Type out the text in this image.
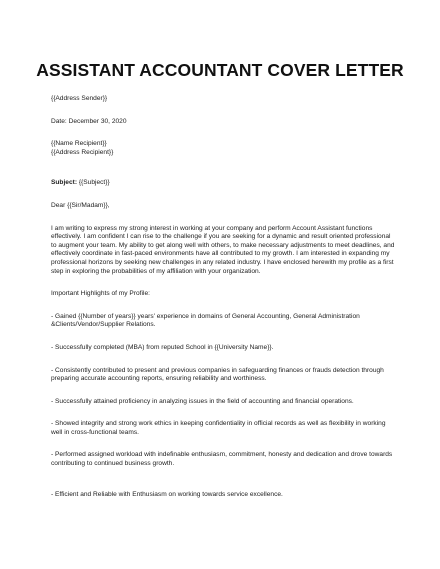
ASSISTANT ACCOUNTANT COVER LETTER
{{Address Sender}}
Date: December 30, 2020
{{Name Recipient}}
{{Address Recipient}}
Subject: {{Subject}}
Dear {{Sir/Madam}},

I am writing to express my strong interest in working at your company and perform Account Assistant functions effectively. I am confident I can rise to the challenge if you are seeking for a dynamic and result oriented professional to augment your team. My ability to get along well with others, to make necessary adjustments to meet deadlines, and effectively coordinate in fast-paced environments have all contributed to my growth. I am interested in expanding my professional horizons by seeking new challenges in any related industry. I have enclosed herewith my profile as a first step in exploring the probabilities of my affiliation with your organization.

Important Highlights of my Profile:

- Gained {{Number of years}} years' experience in domains of General Accounting, General Administration &Clients/Vendor/Supplier Relations.

- Successfully completed (MBA) from reputed School in {{University Name}}.

- Consistently contributed to present and previous companies in safeguarding finances or frauds detection through preparing accurate accounting reports, ensuring reliability and worthiness.

- Successfully attained proficiency in analyzing issues in the field of accounting and financial operations.

- Showed integrity and strong work ethics in keeping confidentiality in official records as well as flexibility in working well in cross-functional teams.

- Performed assigned workload with indefinable enthusiasm, commitment, honesty and dedication and drove towards contributing to continued business growth.

- Efficient and Reliable with Enthusiasm on working towards service excellence.
